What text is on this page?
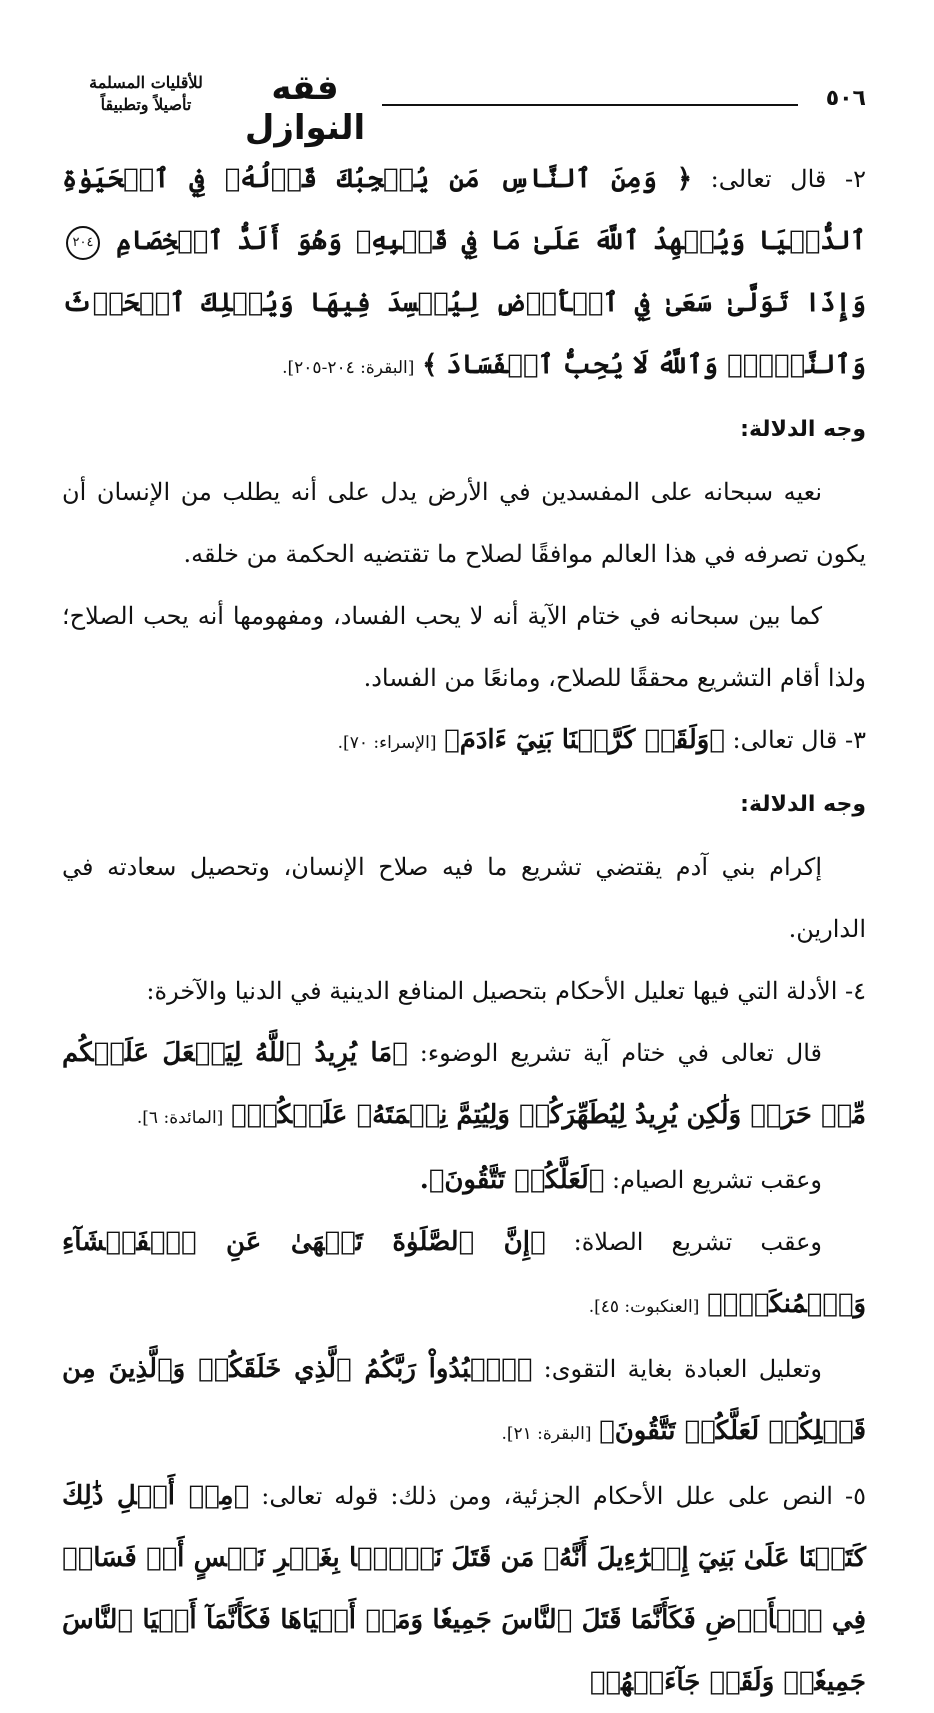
٥٠٦
فقه النوازل
للأقليات المسلمة
تأصيلاً وتطبيقاً

٢- قال تعالى: ﴿ وَمِنَ ٱلنَّاسِ مَن يُعۡجِبُكَ قَوۡلُهُۥ فِي ٱلۡحَيَوٰةِ ٱلدُّنۡيَا وَيُشۡهِدُ ٱللَّهَ عَلَىٰ مَا فِي قَلۡبِهِۦ وَهُوَ أَلَدُّ ٱلۡخِصَامِ ٢٠٤ وَإِذَا تَوَلَّىٰ سَعَىٰ فِي ٱلۡأَرۡضِ لِيُفۡسِدَ فِيهَا وَيُهۡلِكَ ٱلۡحَرۡثَ وَٱلنَّسۡلَۚ وَٱللَّهُ لَا يُحِبُّ ٱلۡفَسَادَ ﴾ [البقرة: ٢٠٤-٢٠٥].

وجه الدلالة:

نعيه سبحانه على المفسدين في الأرض يدل على أنه يطلب من الإنسان أن يكون تصرفه في هذا العالم موافقًا لصلاح ما تقتضيه الحكمة من خلقه.

كما بين سبحانه في ختام الآية أنه لا يحب الفساد، ومفهومها أنه يحب الصلاح؛ ولذا أقام التشريع محققًا للصلاح، ومانعًا من الفساد.

٣- قال تعالى: ﴿وَلَقَدۡ كَرَّمۡنَا بَنِيٓ ءَادَمَ﴾ [الإسراء: ٧٠].

وجه الدلالة:

إكرام بني آدم يقتضي تشريع ما فيه صلاح الإنسان، وتحصيل سعادته في الدارين.

٤- الأدلة التي فيها تعليل الأحكام بتحصيل المنافع الدينية في الدنيا والآخرة:

قال تعالى في ختام آية تشريع الوضوء: ﴿مَا يُرِيدُ ٱللَّهُ لِيَجۡعَلَ عَلَيۡكُم مِّنۡ حَرَجٖ وَلَٰكِن يُرِيدُ لِيُطَهِّرَكُمۡ وَلِيُتِمَّ نِعۡمَتَهُۥ عَلَيۡكُمۡ﴾ [المائدة: ٦].

وعقب تشريع الصيام: ﴿لَعَلَّكُمۡ تَتَّقُونَ﴾.

وعقب تشريع الصلاة: ﴿إِنَّ ٱلصَّلَوٰةَ تَنۡهَىٰ عَنِ ٱلۡفَحۡشَآءِ وَٱلۡمُنكَرِۗ﴾ [العنكبوت: ٤٥].

وتعليل العبادة بغاية التقوى: ﴿ٱعۡبُدُواْ رَبَّكُمُ ٱلَّذِي خَلَقَكُمۡ وَٱلَّذِينَ مِن قَبۡلِكُمۡ لَعَلَّكُمۡ تَتَّقُونَ﴾ [البقرة: ٢١].

٥- النص على علل الأحكام الجزئية، ومن ذلك: قوله تعالى: ﴿مِنۡ أَجۡلِ ذَٰلِكَ كَتَبۡنَا عَلَىٰ بَنِيٓ إِسۡرَٰٓءِيلَ أَنَّهُۥ مَن قَتَلَ نَفۡسَۢا بِغَيۡرِ نَفۡسٍ أَوۡ فَسَادٖ فِي ٱلۡأَرۡضِ فَكَأَنَّمَا قَتَلَ ٱلنَّاسَ جَمِيعٗا وَمَنۡ أَحۡيَاهَا فَكَأَنَّمَآ أَحۡيَا ٱلنَّاسَ جَمِيعٗاۚ وَلَقَدۡ جَآءَتۡهُمۡ
